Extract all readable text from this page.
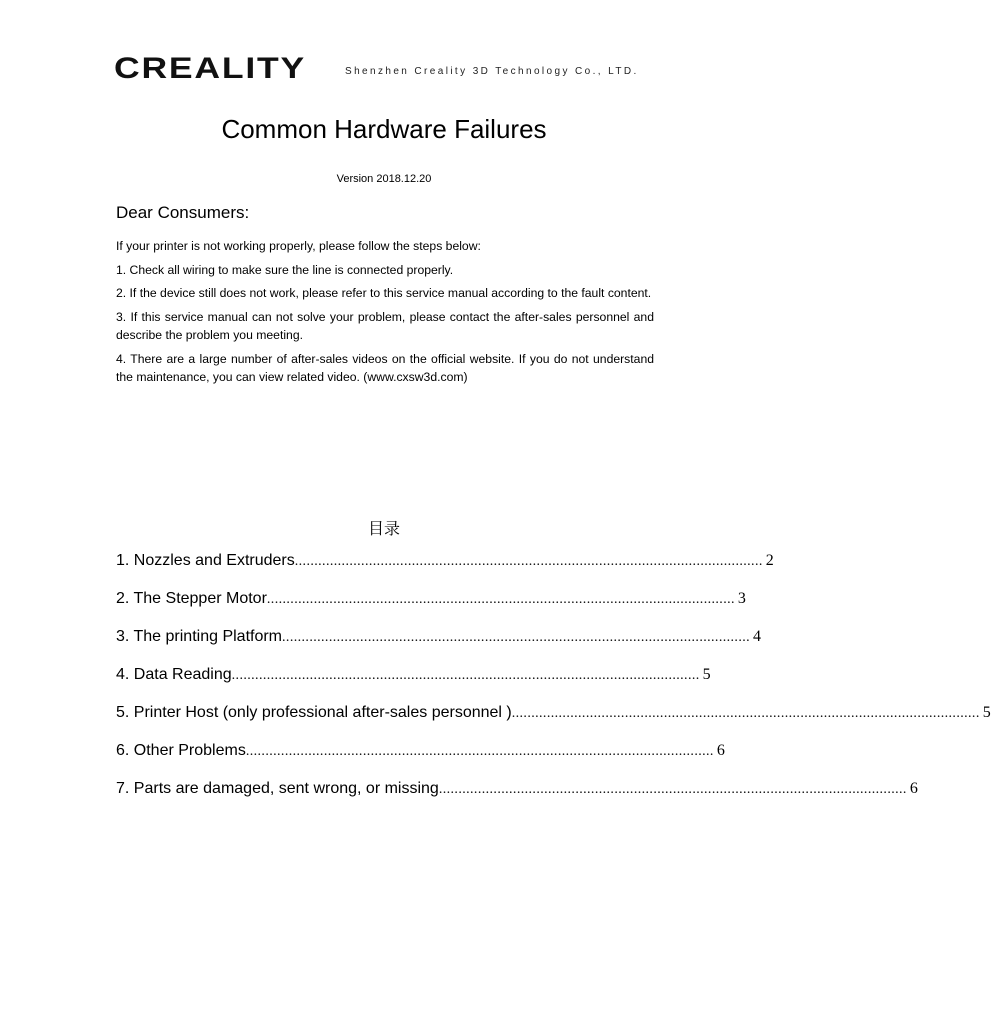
CREALITY	Shenzhen Creality 3D Technology Co., LTD.
Common Hardware Failures
Version 2018.12.20
Dear Consumers:

If your printer is not working properly, please follow the steps below:

1. Check all wiring to make sure the line is connected properly.

2. If the device still does not work, please refer to this service manual according to the fault content.

3. If this service manual can not solve your problem, please contact the after-sales personnel and describe the problem you meeting.

4. There are a large number of after-sales videos on the official website. If you do not understand the maintenance, you can view related video. (www.cxsw3d.com)

目录
1. Nozzles and Extruders ........................................................................................................................ 2
2. The Stepper Motor ........................................................................................................................ 3
3. The printing Platform ........................................................................................................................ 4
4. Data Reading ........................................................................................................................ 5
5. Printer Host (only professional after-sales personnel ) ........................................................................................................................ 5
6. Other Problems ........................................................................................................................ 6
7. Parts are damaged, sent wrong, or missing ........................................................................................................................ 6
